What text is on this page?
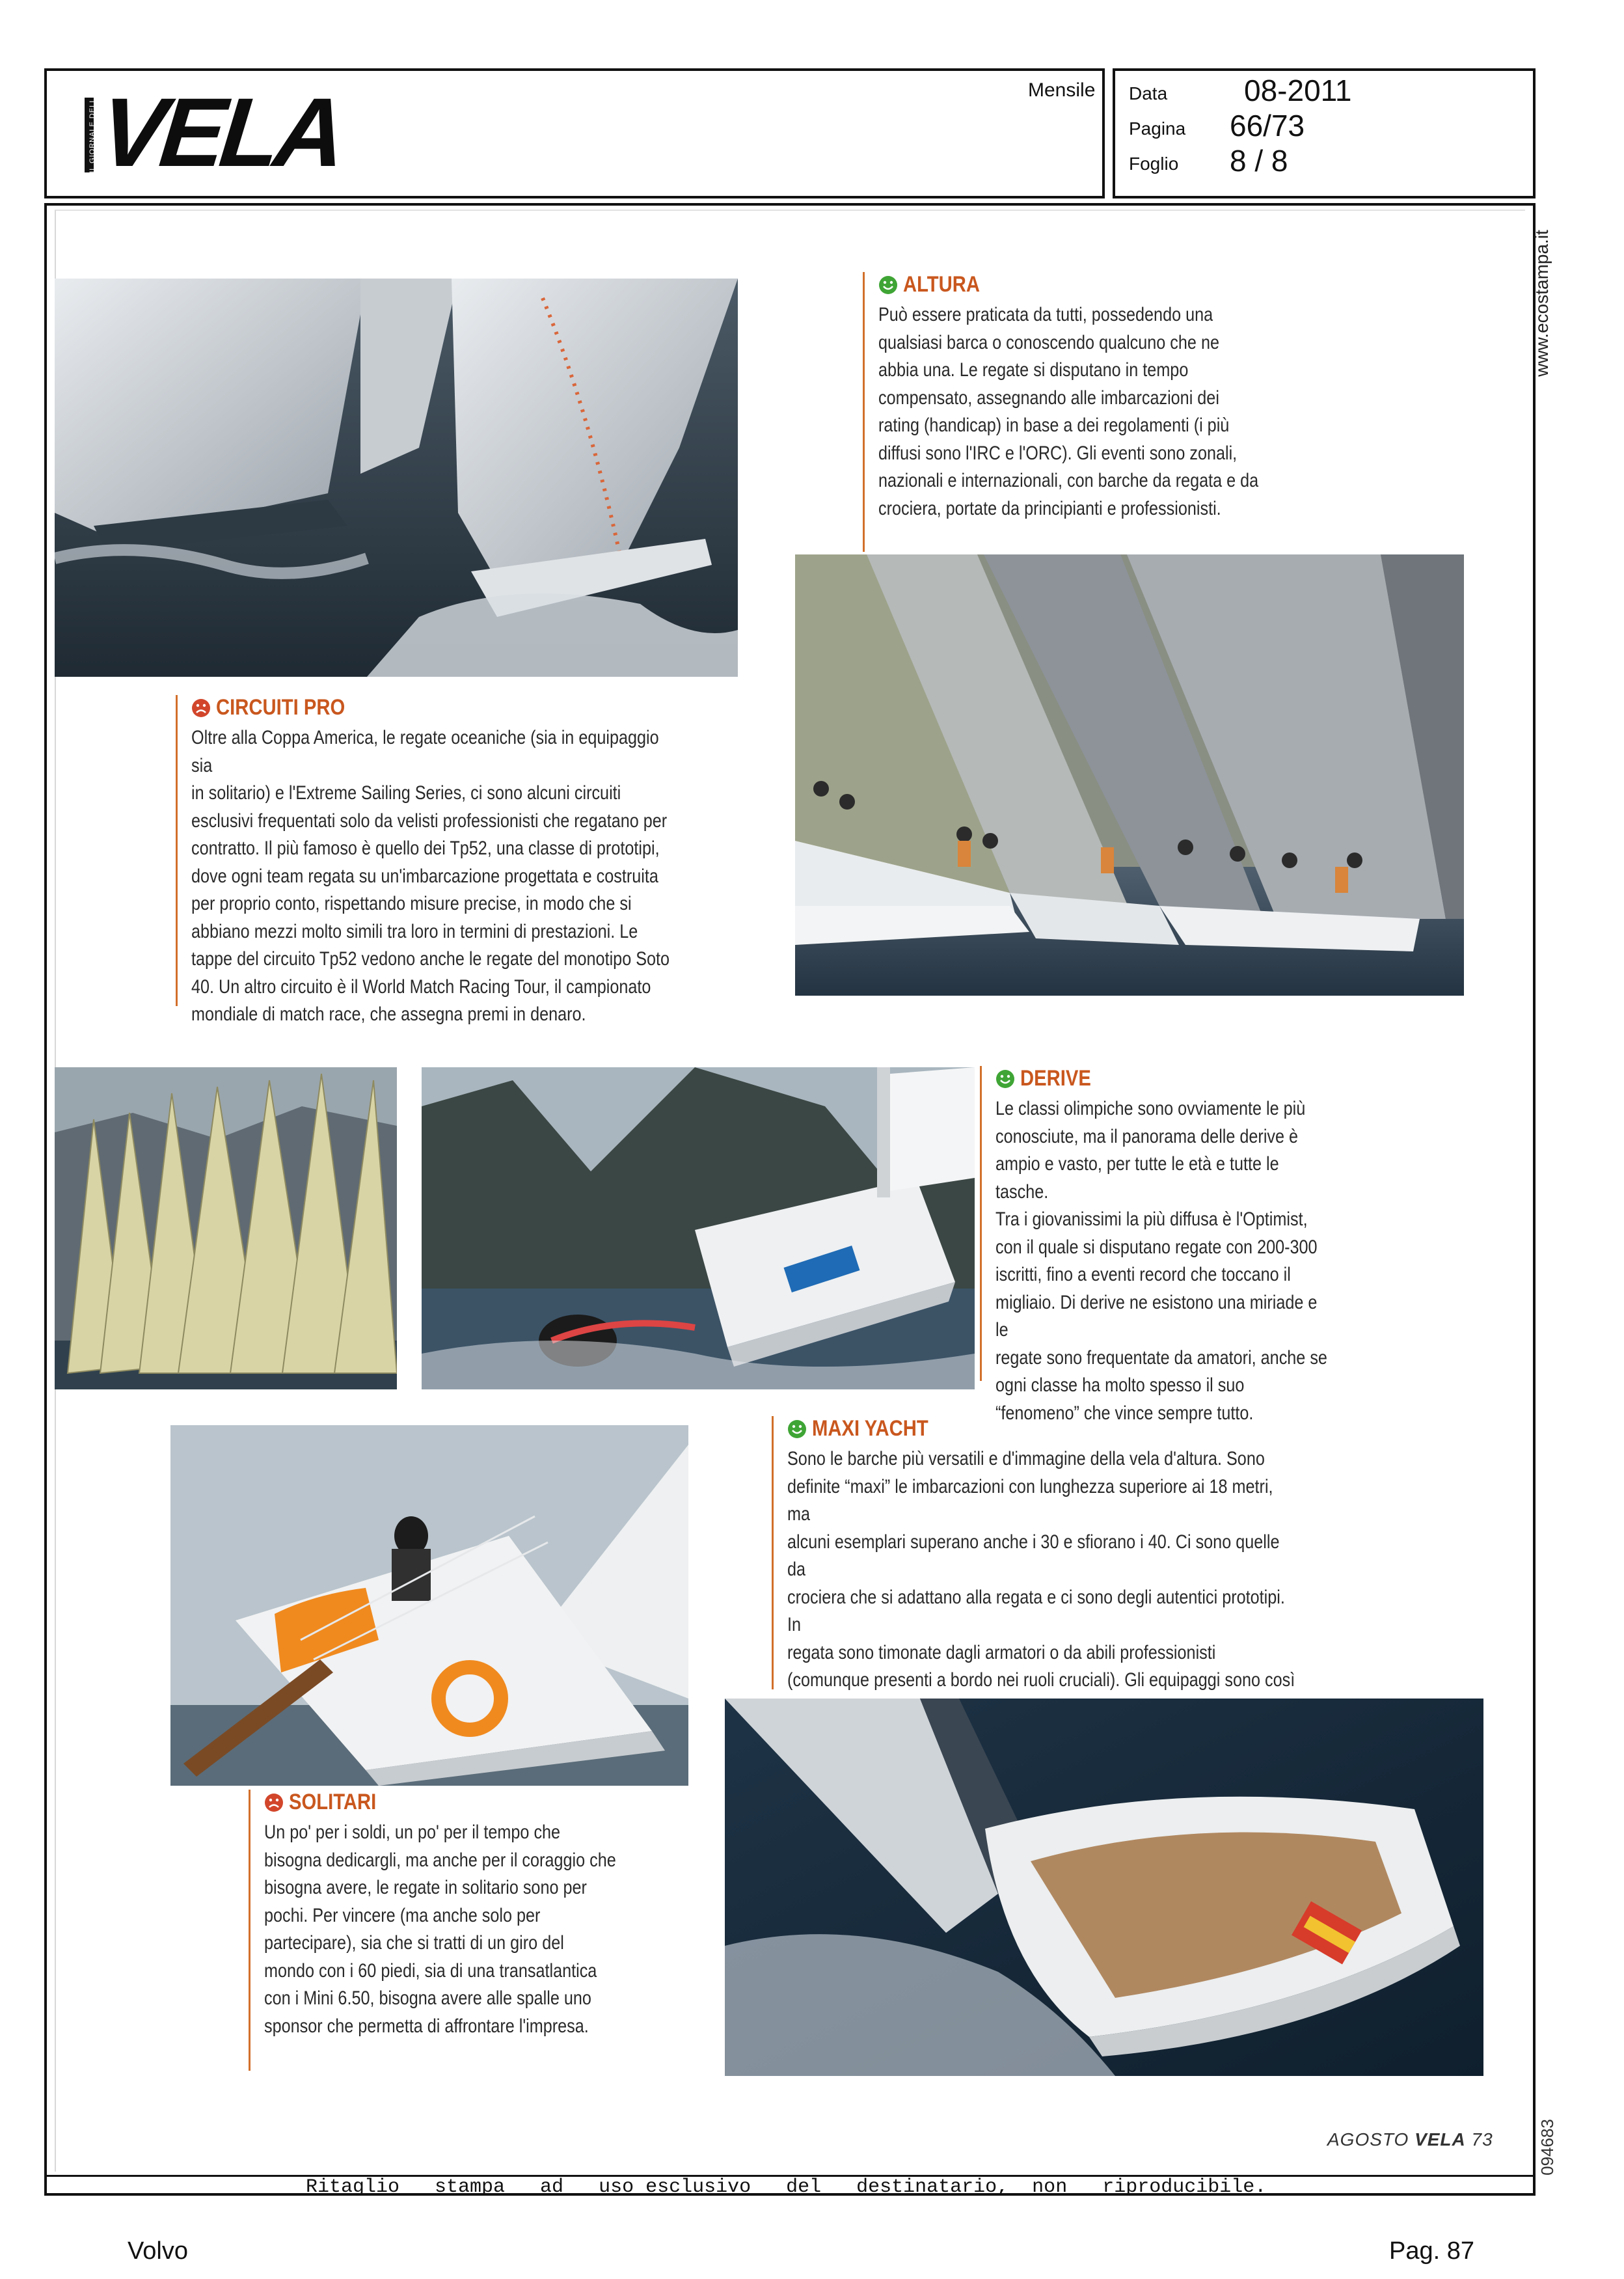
IL GIORNALE DELLA
VELA	Mensile Data	08-2011
Pagina 66/73
Foglio 8 / 8
www.ecostampa.it
094683
ALTURA

Può essere praticata da tutti, possedendo una

qualsiasi barca o conoscendo qualcuno che ne

abbia una. Le regate si disputano in tempo

compensato, assegnando alle imbarcazioni dei

rating (handicap) in base a dei regolamenti (i più

diffusi sono l'IRC e l'ORC). Gli eventi sono zonali,

nazionali e internazionali, con barche da regata e da

crociera, portate da principianti e professionisti.

CIRCUITI PRO

Oltre alla Coppa America, le regate oceaniche (sia in equipaggio sia

in solitario) e l'Extreme Sailing Series, ci sono alcuni circuiti

esclusivi frequentati solo da velisti professionisti che regatano per

contratto. Il più famoso è quello dei Tp52, una classe di prototipi,

dove ogni team regata su un'imbarcazione progettata e costruita

per proprio conto, rispettando misure precise, in modo che si

abbiano mezzi molto simili tra loro in termini di prestazioni. Le

tappe del circuito Tp52 vedono anche le regate del monotipo Soto

40. Un altro circuito è il World Match Racing Tour, il campionato

mondiale di match race, che assegna premi in denaro.

DERIVE

Le classi olimpiche sono ovviamente le più

conosciute, ma il panorama delle derive è

ampio e vasto, per tutte le età e tutte le tasche.

Tra i giovanissimi la più diffusa è l'Optimist,

con il quale si disputano regate con 200-300

iscritti, fino a eventi record che toccano il

migliaio. Di derive ne esistono una miriade e le

regate sono frequentate da amatori, anche se

ogni classe ha molto spesso il suo

“fenomeno” che vince sempre tutto.

MAXI YACHT

Sono le barche più versatili e d'immagine della vela d'altura. Sono

definite “maxi” le imbarcazioni con lunghezza superiore ai 18 metri, ma

alcuni esemplari superano anche i 30 e sfiorano i 40. Ci sono quelle da

crociera che si adattano alla regata e ci sono degli autentici prototipi. In

regata sono timonate dagli armatori o da abili professionisti

(comunque presenti a bordo nei ruoli cruciali). Gli equipaggi sono così

SOLITARI

Un po' per i soldi, un po' per il tempo che

bisogna dedicargli, ma anche per il coraggio che

bisogna avere, le regate in solitario sono per

pochi. Per vincere (ma anche solo per

partecipare), sia che si tratti di un giro del

mondo con i 60 piedi, sia di una transatlantica

con i Mini 6.50, bisogna avere alle spalle uno

sponsor che permetta di affrontare l'impresa.

AGOSTO VELA 73
Ritaglio   stampa   ad   uso esclusivo   del   destinatario,  non   riproducibile.
Volvo	Pag. 87
